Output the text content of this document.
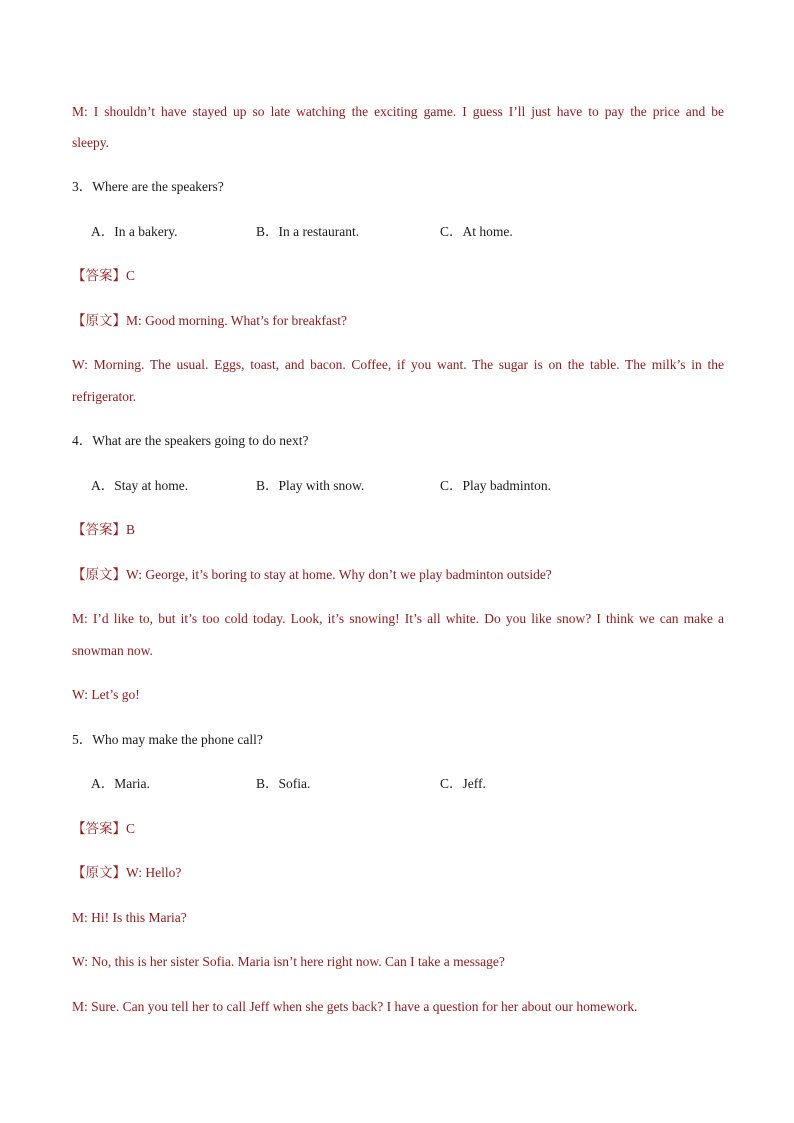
M: I shouldn’t have stayed up so late watching the exciting game. I guess I’ll just have to pay the price and be
sleepy.
3．Where are the speakers?
A．In a bakery.	B．In a restaurant.	C．At home.
【答案】C
【原文】M: Good morning. What’s for breakfast?
W: Morning. The usual. Eggs, toast, and bacon. Coffee, if you want. The sugar is on the table. The milk’s in the
refrigerator.
4．What are the speakers going to do next?
A．Stay at home.	B．Play with snow.	C．Play badminton.
【答案】B
【原文】W: George, it’s boring to stay at home. Why don’t we play badminton outside?
M: I’d like to, but it’s too cold today. Look, it’s snowing! It’s all white. Do you like snow? I think we can make a
snowman now.
W: Let’s go!
5．Who may make the phone call?
A．Maria.	B．Sofia.	C．Jeff.
【答案】C
【原文】W: Hello?
M: Hi! Is this Maria?
W: No, this is her sister Sofia. Maria isn’t here right now. Can I take a message?
M: Sure. Can you tell her to call Jeff when she gets back? I have a question for her about our homework.
